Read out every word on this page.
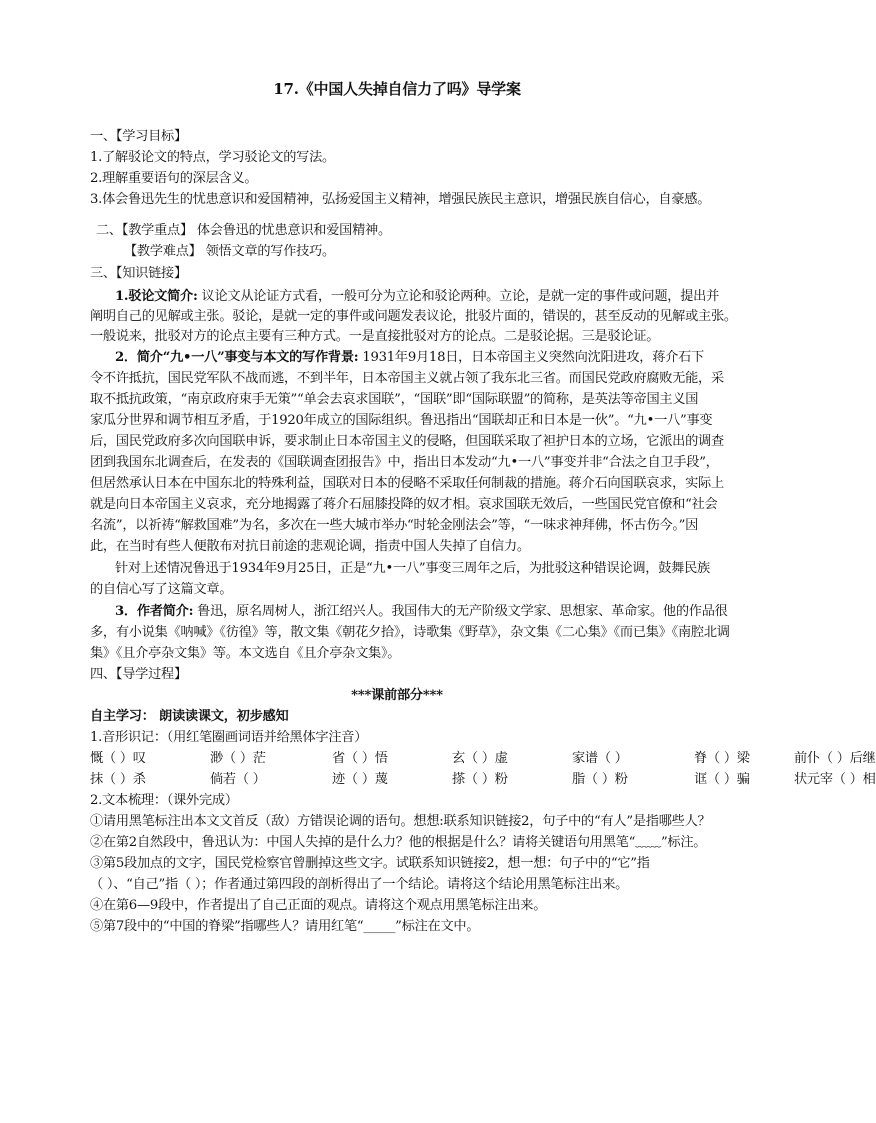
17.《中国人失掉自信力了吗》导学案
一、【学习目标】
1.了解驳论文的特点，学习驳论文的写法。
2.理解重要语句的深层含义。
3.体会鲁迅先生的忧患意识和爱国精神，弘扬爱国主义精神，增强民族民主意识，增强民族自信心，自豪感。
二、【教学重点】 体会鲁迅的忧患意识和爱国精神。
【教学难点】 领悟文章的写作技巧。
三、【知识链接】
1.驳论文简介: 议论文从论证方式看，一般可分为立论和驳论两种。立论，是就一定的事件或问题，提出并
阐明自己的见解或主张。驳论，是就一定的事件或问题发表议论，批驳片面的，错误的，甚至反动的见解或主张。
一般说来，批驳对方的论点主要有三种方式。一是直接批驳对方的论点。二是驳论据。三是驳论证。
2．简介“九•一八”事变与本文的写作背景: 1931年9月18日，日本帝国主义突然向沈阳进攻，蒋介石下
令不许抵抗，国民党军队不战而逃，不到半年，日本帝国主义就占领了我东北三省。而国民党政府腐败无能，采
取不抵抗政策，“南京政府束手无策”“单会去哀求国联”，“国联”即“国际联盟”的简称，是英法等帝国主义国
家瓜分世界和调节相互矛盾，于1920年成立的国际组织。鲁迅指出“国联却正和日本是一伙”。“九•一八”事变
后，国民党政府多次向国联申诉，要求制止日本帝国主义的侵略，但国联采取了袒护日本的立场，它派出的调查
团到我国东北调查后，在发表的《国联调查团报告》中，指出日本发动“九•一八”事变并非“合法之自卫手段”，
但居然承认日本在中国东北的特殊利益，国联对日本的侵略不采取任何制裁的措施。蒋介石向国联哀求，实际上
就是向日本帝国主义哀求，充分地揭露了蒋介石屈膝投降的奴才相。哀求国联无效后，一些国民党官僚和“社会
名流”，以祈祷“解救国难”为名，多次在一些大城市举办“时轮金刚法会”等，“一味求神拜佛，怀古伤今。”因
此，在当时有些人便散布对抗日前途的悲观论调，指责中国人失掉了自信力。
针对上述情况鲁迅于1934年9月25日，正是“九•一八”事变三周年之后，为批驳这种错误论调，鼓舞民族
的自信心写了这篇文章。
3．作者简介: 鲁迅，原名周树人，浙江绍兴人。我国伟大的无产阶级文学家、思想家、革命家。他的作品很
多，有小说集《呐喊》《彷徨》等，散文集《朝花夕拾》，诗歌集《野草》，杂文集《二心集》《而已集》《南腔北调
集》《且介亭杂文集》等。本文选自《且介亭杂文集》。
四、【导学过程】
***课前部分***
自主学习： 朗读读课文，初步感知
1.音形识记：（用红笔圈画词语并给黑体字注音）
慨（ ）叹	渺（ ）茫	省（ ）悟	玄（ ）虚	家谱（ ）	脊（ ）梁	前仆（ ）后继
抹（ ）杀	倘若（ ）	迹（ ）蔑	搽（ ）粉	脂（ ）粉	诓（ ）骗	状元宰（ ）相
2.文本梳理：（课外完成）
①请用黑笔标注出本文文首反（敌）方错误论调的语句。想想:联系知识链接2，句子中的“有人”是指哪些人？
②在第2自然段中，鲁迅认为：中国人失掉的是什么力？他的根据是什么？请将关键语句用黑笔“﹏﹏”标注。
③第5段加点的文字，国民党检察官曾删掉这些文字。试联系知识链接2，想一想：句子中的“它”指
（ ）、“自己”指（ ）；作者通过第四段的剖析得出了一个结论。请将这个结论用黑笔标注出来。
④在第6—9段中，作者提出了自己正面的观点。请将这个观点用黑笔标注出来。
⑤第7段中的“中国的脊梁”指哪些人？请用红笔“_____”标注在文中。
